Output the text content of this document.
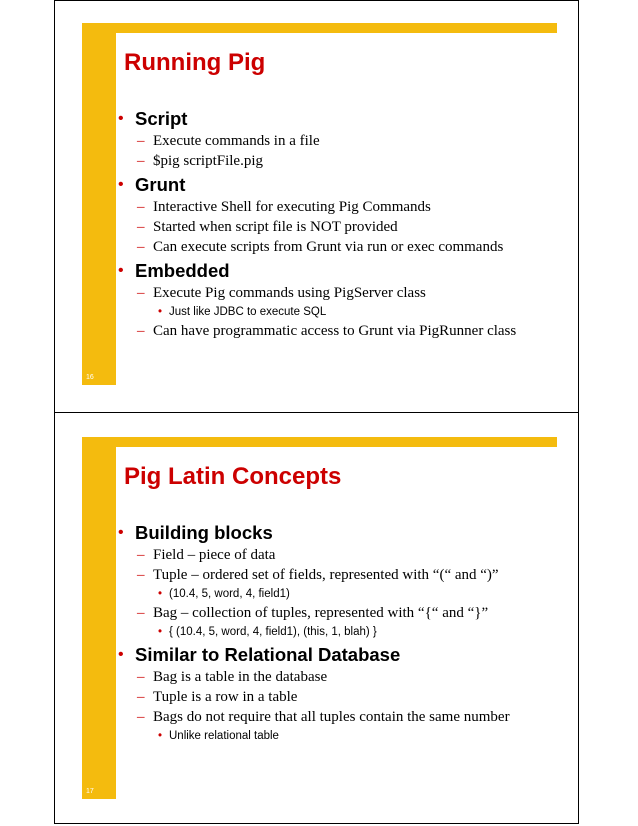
Running Pig
16
• Script
– Execute commands in a file
– $pig scriptFile.pig
• Grunt
– Interactive Shell for executing Pig Commands
– Started when script file is NOT provided
– Can execute scripts from Grunt via run or exec commands
• Embedded
– Execute Pig commands using PigServer class
• Just like JDBC to execute SQL
– Can have programmatic access to Grunt via PigRunner class
Pig Latin Concepts
17
• Building blocks
– Field – piece of data
– Tuple – ordered set of fields, represented with “(“ and “)”
• (10.4, 5, word, 4, field1)
– Bag – collection of tuples, represented with “{“ and “}”
• { (10.4, 5, word, 4, field1), (this, 1, blah) }
• Similar to Relational Database
– Bag is a table in the database
– Tuple is a row in a table
– Bags do not require that all tuples contain the same number
• Unlike relational table
